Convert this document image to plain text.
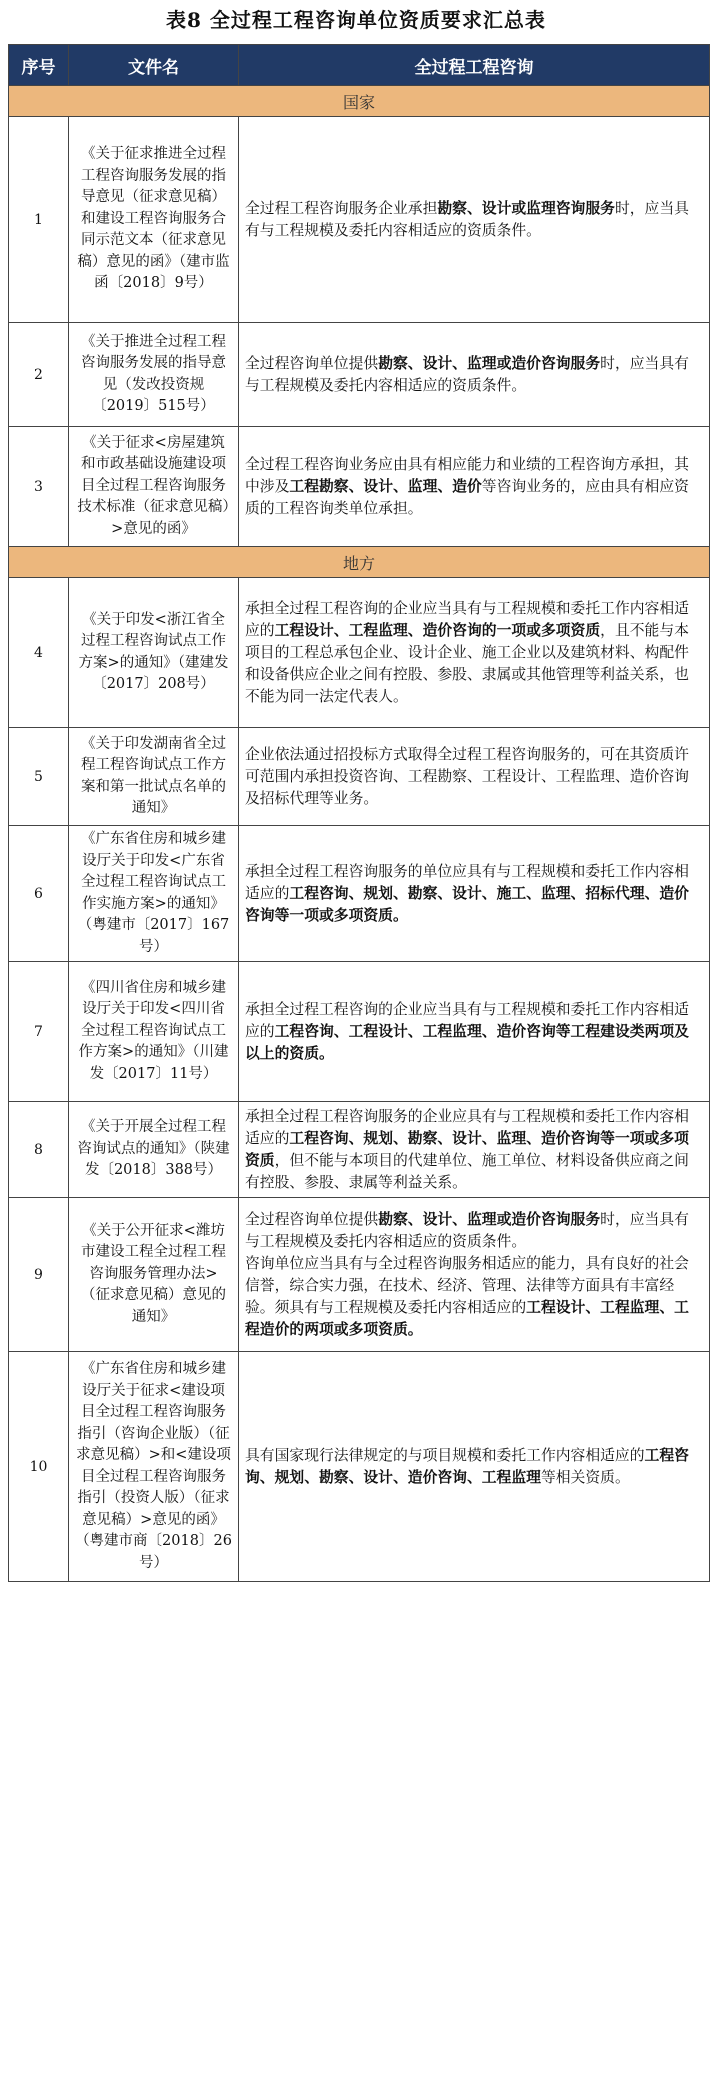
表8 全过程工程咨询单位资质要求汇总表
序号	文件名	全过程工程咨询
国家		
1	《关于征求推进全过程工程咨询服务发展的指导意见（征求意见稿）和建设工程咨询服务合同示范文本（征求意见稿）意见的函》（建市监函〔2018〕9号）	全过程工程咨询服务企业承担勘察、设计或监理咨询服务时，应当具有与工程规模及委托内容相适应的资质条件。
2	《关于推进全过程工程咨询服务发展的指导意见（发改投资规〔2019〕515号）	全过程咨询单位提供勘察、设计、监理或造价咨询服务时，应当具有与工程规模及委托内容相适应的资质条件。
3	《关于征求<房屋建筑和市政基础设施建设项目全过程工程咨询服务技术标准（征求意见稿）>意见的函》	全过程工程咨询业务应由具有相应能力和业绩的工程咨询方承担，其中涉及工程勘察、设计、监理、造价等咨询业务的，应由具有相应资质的工程咨询类单位承担。
地方		
4	《关于印发<浙江省全过程工程咨询试点工作方案>的通知》（建建发〔2017〕208号）	承担全过程工程咨询的企业应当具有与工程规模和委托工作内容相适应的工程设计、工程监理、造价咨询的一项或多项资质，且不能与本项目的工程总承包企业、设计企业、施工企业以及建筑材料、构配件和设备供应企业之间有控股、参股、隶属或其他管理等利益关系，也不能为同一法定代表人。
5	《关于印发湖南省全过程工程咨询试点工作方案和第一批试点名单的通知》	企业依法通过招投标方式取得全过程工程咨询服务的，可在其资质许可范围内承担投资咨询、工程勘察、工程设计、工程监理、造价咨询及招标代理等业务。
6	《广东省住房和城乡建设厅关于印发<广东省全过程工程咨询试点工作实施方案>的通知》（粤建市〔2017〕167号）	承担全过程工程咨询服务的单位应具有与工程规模和委托工作内容相适应的工程咨询、规划、勘察、设计、施工、监理、招标代理、造价咨询等一项或多项资质。
7	《四川省住房和城乡建设厅关于印发<四川省全过程工程咨询试点工作方案>的通知》（川建发〔2017〕11号）	承担全过程工程咨询的企业应当具有与工程规模和委托工作内容相适应的工程咨询、工程设计、工程监理、造价咨询等工程建设类两项及以上的资质。
8	《关于开展全过程工程咨询试点的通知》（陕建发〔2018〕388号）	承担全过程工程咨询服务的企业应具有与工程规模和委托工作内容相适应的工程咨询、规划、勘察、设计、监理、造价咨询等一项或多项资质，但不能与本项目的代建单位、施工单位、材料设备供应商之间有控股、参股、隶属等利益关系。
9	《关于公开征求<潍坊市建设工程全过程工程咨询服务管理办法>（征求意见稿）意见的通知》	全过程咨询单位提供勘察、设计、监理或造价咨询服务时，应当具有与工程规模及委托内容相适应的资质条件。
咨询单位应当具有与全过程咨询服务相适应的能力，具有良好的社会信誉，综合实力强，在技术、经济、管理、法律等方面具有丰富经验。须具有与工程规模及委托内容相适应的工程设计、工程监理、工程造价的两项或多项资质。
10	《广东省住房和城乡建设厅关于征求<建设项目全过程工程咨询服务指引（咨询企业版）（征求意见稿）>和<建设项目全过程工程咨询服务指引（投资人版）（征求意见稿）>意见的函》（粤建市商〔2018〕26号）	具有国家现行法律规定的与项目规模和委托工作内容相适应的工程咨询、规划、勘察、设计、造价咨询、工程监理等相关资质。
